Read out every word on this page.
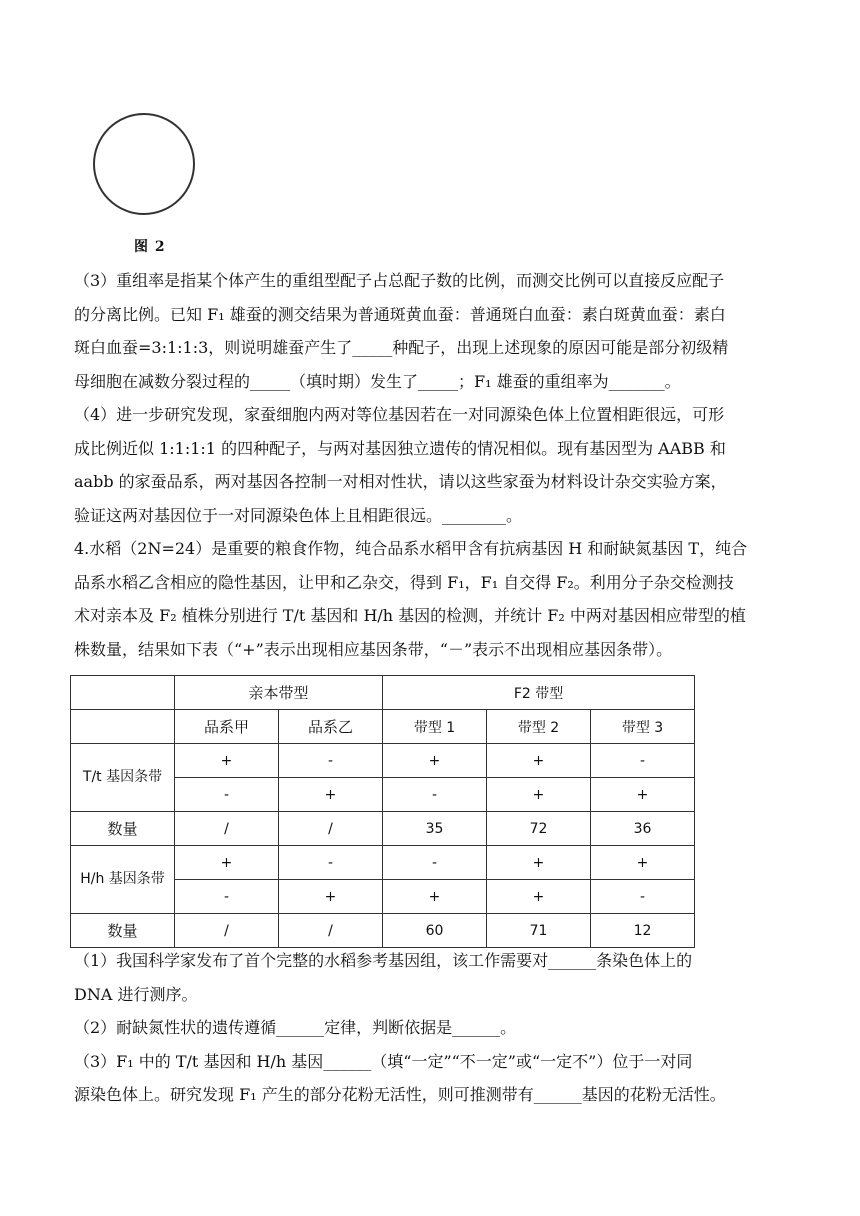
图 2
（3）重组率是指某个体产生的重组型配子占总配子数的比例，而测交比例可以直接反应配子
的分离比例。已知 F₁ 雄蚕的测交结果为普通斑黄血蚕：普通斑白血蚕：素白斑黄血蚕：素白
斑白血蚕=3:1:1:3，则说明雄蚕产生了_____种配子，出现上述现象的原因可能是部分初级精
母细胞在减数分裂过程的_____（填时期）发生了_____；F₁ 雄蚕的重组率为_______。
（4）进一步研究发现，家蚕细胞内两对等位基因若在一对同源染色体上位置相距很远，可形
成比例近似 1:1:1:1 的四种配子，与两对基因独立遗传的情况相似。现有基因型为 AABB 和
aabb 的家蚕品系，两对基因各控制一对相对性状，请以这些家蚕为材料设计杂交实验方案，
验证这两对基因位于一对同源染色体上且相距很远。________。
4.水稻（2N=24）是重要的粮食作物，纯合品系水稻甲含有抗病基因 H 和耐缺氮基因 T，纯合
品系水稻乙含相应的隐性基因，让甲和乙杂交，得到 F₁，F₁ 自交得 F₂。利用分子杂交检测技
术对亲本及 F₂ 植株分别进行 T/t 基因和 H/h 基因的检测，并统计 F₂ 中两对基因相应带型的植
株数量，结果如下表（“+”表示出现相应基因条带，“－”表示不出现相应基因条带）。
	亲本带型		F2 带型		
	品系甲	品系乙	带型 1	带型 2	带型 3
T/t 基因条带	+	-	+	+	-
	-	+	-	+	+
数量	/	/	35	72	36
H/h 基因条带	+	-	-	+	+
	-	+	+	+	-
数量	/	/	60	71	12
（1）我国科学家发布了首个完整的水稻参考基因组，该工作需要对______条染色体上的
DNA 进行测序。
（2）耐缺氮性状的遗传遵循______定律，判断依据是______。
（3）F₁ 中的 T/t 基因和 H/h 基因______（填“一定”“不一定”或“一定不”）位于一对同
源染色体上。研究发现 F₁ 产生的部分花粉无活性，则可推测带有______基因的花粉无活性。
